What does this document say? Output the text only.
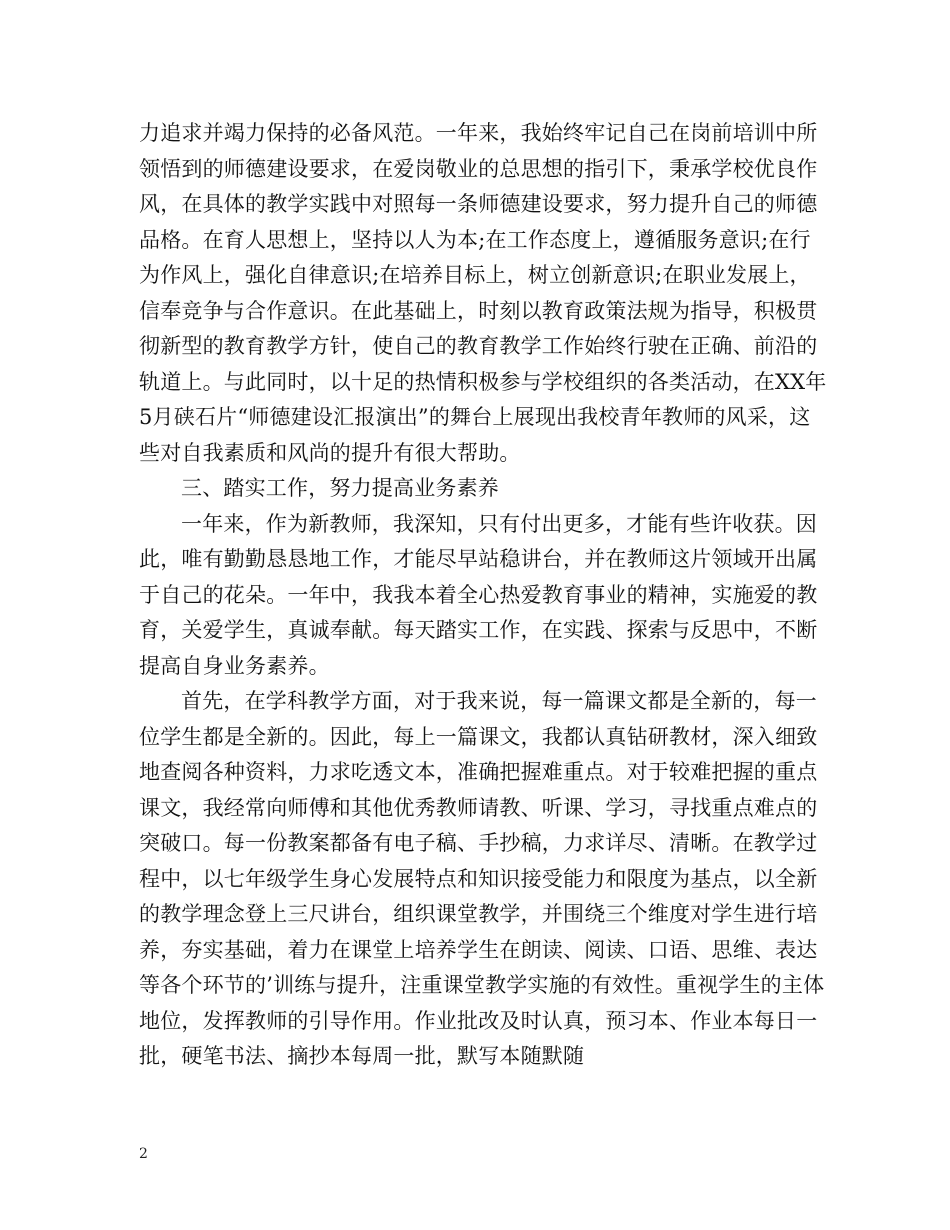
力追求并竭力保持的必备风范。一年来，我始终牢记自己在岗前培训中所领悟到的师德建设要求，在爱岗敬业的总思想的指引下，秉承学校优良作风，在具体的教学实践中对照每一条师德建设要求，努力提升自己的师德品格。在育人思想上，坚持以人为本;在工作态度上，遵循服务意识;在行为作风上，强化自律意识;在培养目标上，树立创新意识;在职业发展上，信奉竞争与合作意识。在此基础上，时刻以教育政策法规为指导，积极贯彻新型的教育教学方针，使自己的教育教学工作始终行驶在正确、前沿的轨道上。与此同时，以十足的热情积极参与学校组织的各类活动，在XX年5月硖石片“师德建设汇报演出”的舞台上展现出我校青年教师的风采，这些对自我素质和风尚的提升有很大帮助。

三、踏实工作，努力提高业务素养

一年来，作为新教师，我深知，只有付出更多，才能有些许收获。因此，唯有勤勤恳恳地工作，才能尽早站稳讲台，并在教师这片领域开出属于自己的花朵。一年中，我我本着全心热爱教育事业的精神，实施爱的教育，关爱学生，真诚奉献。每天踏实工作，在实践、探索与反思中，不断提高自身业务素养。

首先，在学科教学方面，对于我来说，每一篇课文都是全新的，每一位学生都是全新的。因此，每上一篇课文，我都认真钻研教材，深入细致地查阅各种资料，力求吃透文本，准确把握难重点。对于较难把握的重点课文，我经常向师傅和其他优秀教师请教、听课、学习，寻找重点难点的突破口。每一份教案都备有电子稿、手抄稿，力求详尽、清晰。在教学过程中，以七年级学生身心发展特点和知识接受能力和限度为基点，以全新的教学理念登上三尺讲台，组织课堂教学，并围绕三个维度对学生进行培养，夯实基础，着力在课堂上培养学生在朗读、阅读、口语、思维、表达等各个环节的’训练与提升，注重课堂教学实施的有效性。重视学生的主体地位，发挥教师的引导作用。作业批改及时认真，预习本、作业本每日一批，硬笔书法、摘抄本每周一批，默写本随默随

2
